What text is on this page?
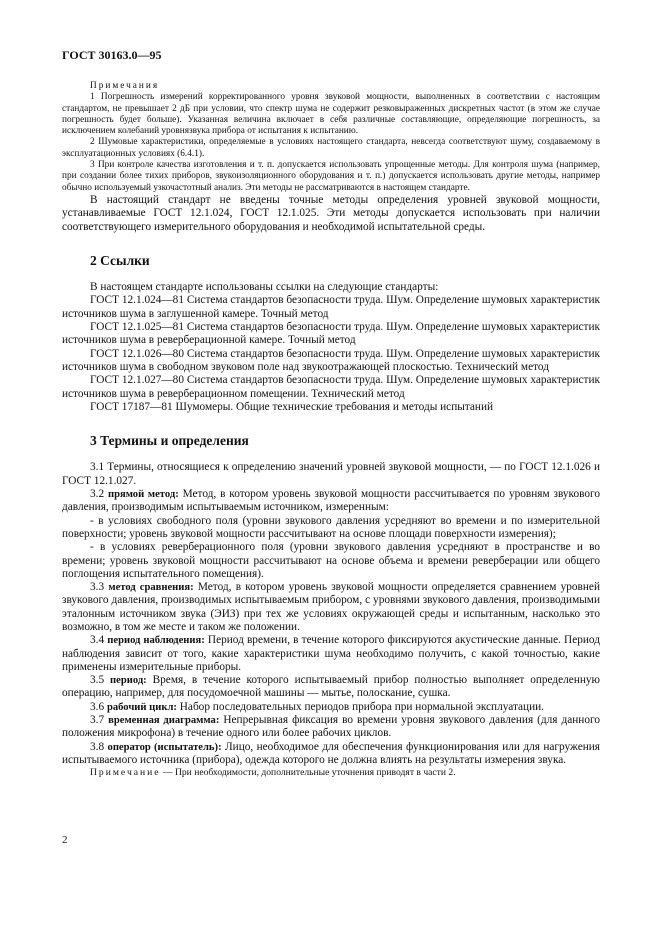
ГОСТ 30163.0—95
Примечания

1 Погрешность измерений корректированного уровня звуковой мощности, выполненных в соответствии с настоящим стандартом, не превышает 2 дБ при условии, что спектр шума не содержит резковыраженных дискретных частот (в этом же случае погрешность будет больше). Указанная величина включает в себя различные составляющие, определяющие погрешность, за исключением колебаний уровнязвука прибора от испытания к испытанию.

2 Шумовые характеристики, определяемые в условиях настоящего стандарта, невсегда соответствуют шуму, создаваемому в эксплуатационных условиях (6.4.1).

3 При контроле качества изготовления и т. п. допускается использовать упрощенные методы. Для контроля шума (например, при создании более тихих приборов, звукоизоляционного оборудования и т. п.) допускается использовать другие методы, например обычно используемый узкочастотный анализ. Эти методы не рассматриваются в настоящем стандарте.

В настоящий стандарт не введены точные методы определения уровней звуковой мощности, устанавливаемые ГОСТ 12.1.024, ГОСТ 12.1.025. Эти методы допускается использовать при наличии соответствующего измерительного оборудования и необходимой испытательной среды.

2 Ссылки

В настоящем стандарте использованы ссылки на следующие стандарты:

ГОСТ 12.1.024—81 Система стандартов безопасности труда. Шум. Определение шумовых характеристик источников шума в заглушенной камере. Точный метод

ГОСТ 12.1.025—81 Система стандартов безопасности труда. Шум. Определение шумовых характеристик источников шума в реверберационной камере. Точный метод

ГОСТ 12.1.026—80 Система стандартов безопасности труда. Шум. Определение шумовых характеристик источников шума в свободном звуковом поле над звукоотражающей плоскостью. Технический метод

ГОСТ 12.1.027—80 Система стандартов безопасности труда. Шум. Определение шумовых характеристик источников шума в реверберационном помещении. Технический метод

ГОСТ 17187—81 Шумомеры. Общие технические требования и методы испытаний

3 Термины и определения

3.1 Термины, относящиеся к определению значений уровней звуковой мощности, — по ГОСТ 12.1.026 и ГОСТ 12.1.027.

3.2 прямой метод: Метод, в котором уровень звуковой мощности рассчитывается по уровням звукового давления, производимым испытываемым источником, измеренным:

- в условиях свободного поля (уровни звукового давления усредняют во времени и по измерительной поверхности; уровень звуковой мощности рассчитывают на основе площади поверхности измерения);

- в условиях реверберационного поля (уровни звукового давления усредняют в пространстве и во времени; уровень звуковой мощности рассчитывают на основе объема и времени реверберации или общего поглощения испытательного помещения).

3.3 метод сравнения: Метод, в котором уровень звуковой мощности определяется сравнением уровней звукового давления, производимых испытываемым прибором, с уровнями звукового давления, производимыми эталонным источником звука (ЭИЗ) при тех же условиях окружающей среды и испытанным, насколько это возможно, в том же месте и таком же положении.

3.4 период наблюдения: Период времени, в течение которого фиксируются акустические данные. Период наблюдения зависит от того, какие характеристики шума необходимо получить, с какой точностью, какие применены измерительные приборы.

3.5 период: Время, в течение которого испытываемый прибор полностью выполняет определенную операцию, например, для посудомоечной машины — мытье, полоскание, сушка.

3.6 рабочий цикл: Набор последовательных периодов прибора при нормальной эксплуатации.

3.7 временная диаграмма: Непрерывная фиксация во времени уровня звукового давления (для данного положения микрофона) в течение одного или более рабочих циклов.

3.8 оператор (испытатель): Лицо, необходимое для обеспечения функционирования или для нагружения испытываемого источника (прибора), одежда которого не должна влиять на результаты измерения звука.

Примечание — При необходимости, дополнительные уточнения приводят в части 2.

2
